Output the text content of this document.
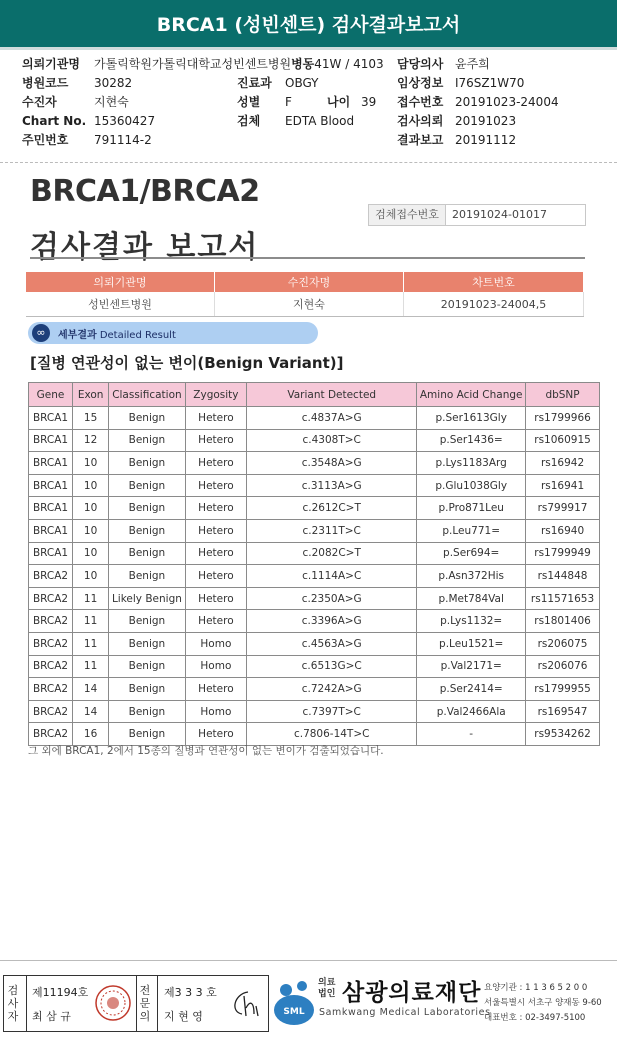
BRCA1 (성빈센트) 검사결과보고서
의뢰기관명 가톨릭학원가톨릭대학교성빈센트병원병동41W / 4103 담당의사 윤주희
병원코드 30282	진료과 OBGY	임상정보 I76SZ1W70
수진자	지현숙	성별 F	나이 39 접수번호 20191023-24004
Chart No. 15360427	검체 EDTA Blood	검사의뢰 20191023
주민번호 791114-2	결과보고 20191112
BRCA1/BRCA2
검사결과 보고서
검체접수번호	20191024-01017
의뢰기관명	수진자명	차트번호
성빈센트병원	지현숙	20191023-24004,5
∞	세부결과 Detailed Result
[질병 연관성이 없는 변이(Benign Variant)]
Gene	Exon	Classification	Zygosity	Variant Detected	Amino Acid Change	dbSNP
BRCA1	15	Benign	Hetero	c.4837A>G	p.Ser1613Gly	rs1799966
BRCA1	12	Benign	Hetero	c.4308T>C	p.Ser1436=	rs1060915
BRCA1	10	Benign	Hetero	c.3548A>G	p.Lys1183Arg	rs16942
BRCA1	10	Benign	Hetero	c.3113A>G	p.Glu1038Gly	rs16941
BRCA1	10	Benign	Hetero	c.2612C>T	p.Pro871Leu	rs799917
BRCA1	10	Benign	Hetero	c.2311T>C	p.Leu771=	rs16940
BRCA1	10	Benign	Hetero	c.2082C>T	p.Ser694=	rs1799949
BRCA2	10	Benign	Hetero	c.1114A>C	p.Asn372His	rs144848
BRCA2	11	Likely Benign	Hetero	c.2350A>G	p.Met784Val	rs11571653
BRCA2	11	Benign	Hetero	c.3396A>G	p.Lys1132=	rs1801406
BRCA2	11	Benign	Homo	c.4563A>G	p.Leu1521=	rs206075
BRCA2	11	Benign	Homo	c.6513G>C	p.Val2171=	rs206076
BRCA2	14	Benign	Hetero	c.7242A>G	p.Ser2414=	rs1799955
BRCA2	14	Benign	Homo	c.7397T>C	p.Val2466Ala	rs169547
BRCA2	16	Benign	Hetero	c.7806-14T>C	-	rs9534262
그 외에 BRCA1, 2에서 15종의 질병과 연관성이 없는 변이가 검출되었습니다.
검사자
제11194호
최 삼 규
전문의
제3 3 3 호
지 현 영	SML
의료법인 삼광의료재단
Samkwang Medical Laboratories
요양기관 : 1 1 3 6 5 2 0 0
서울특별시 서초구 양재동 9-60
대표번호 : 02-3497-5100
